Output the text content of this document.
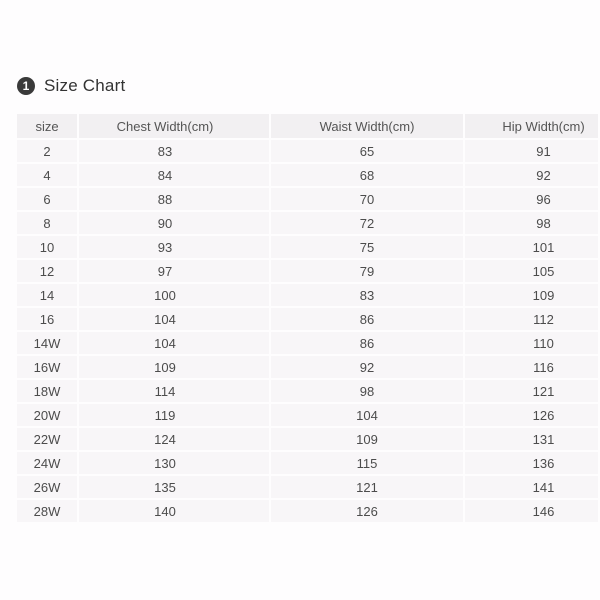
1 Size Chart
size	Chest Width(cm)	Waist Width(cm)	Hip Width(cm)
2	83	65	91
4	84	68	92
6	88	70	96
8	90	72	98
10	93	75	101
12	97	79	105
14	100	83	109
16	104	86	112
14W	104	86	110
16W	109	92	116
18W	114	98	121
20W	119	104	126
22W	124	109	131
24W	130	115	136
26W	135	121	141
28W	140	126	146
